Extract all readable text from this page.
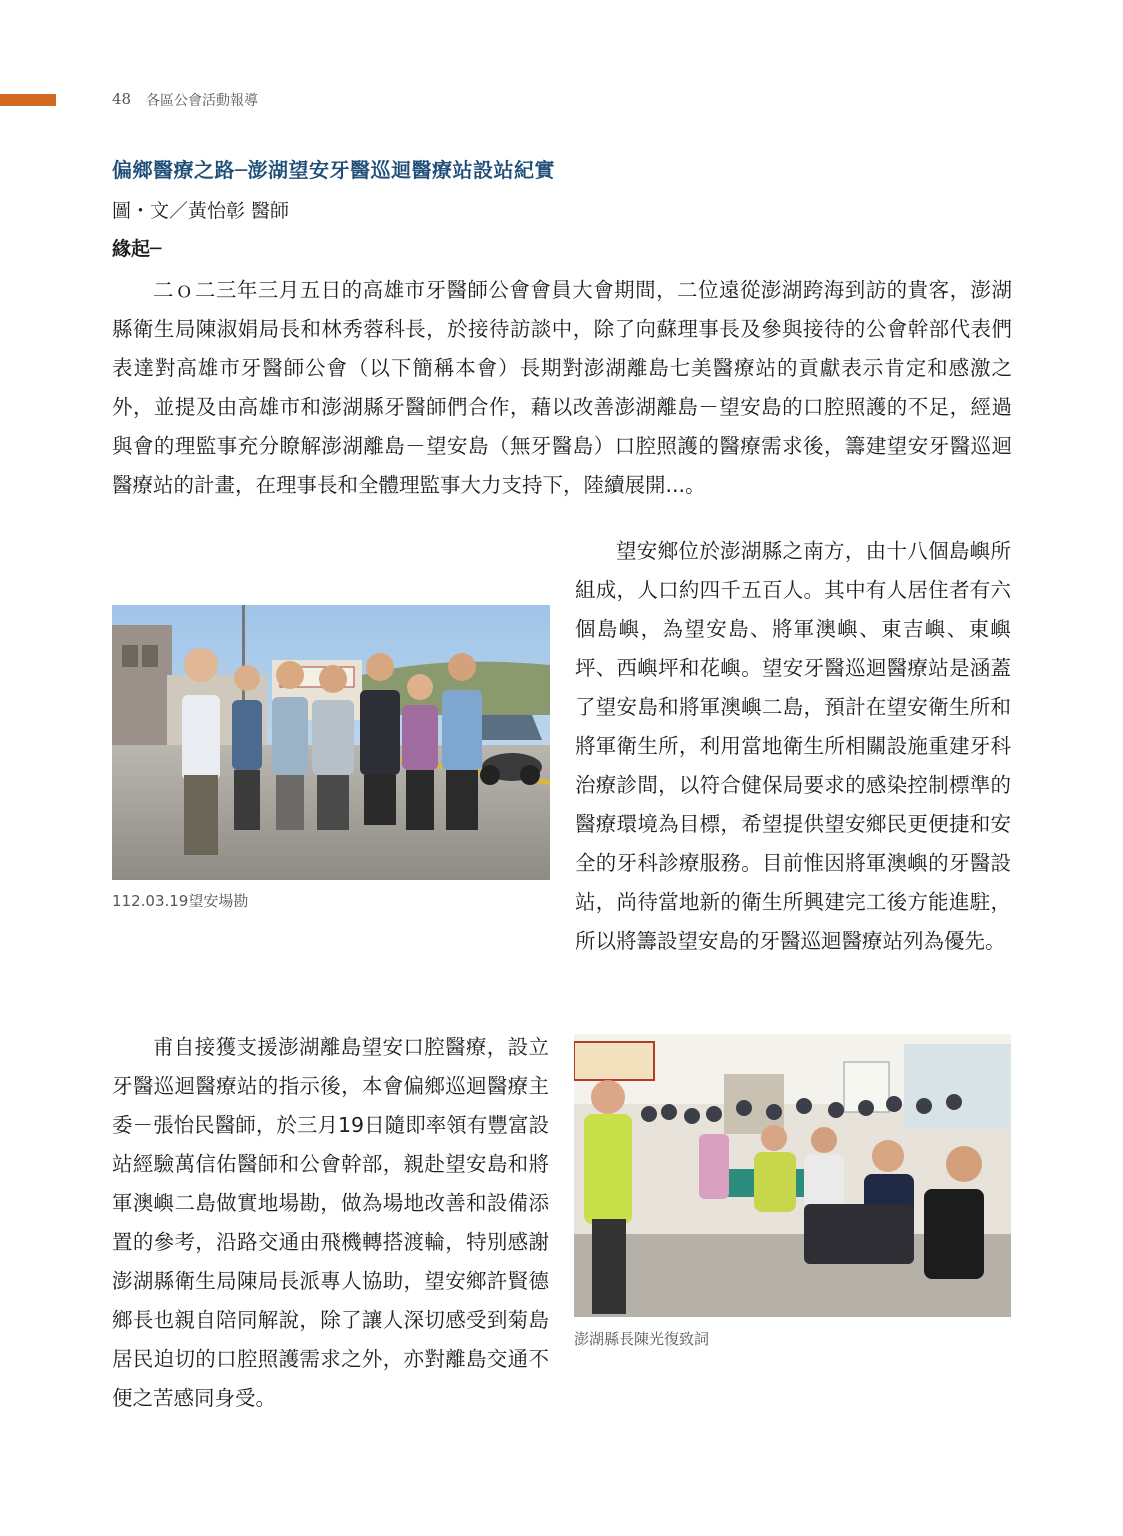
48 各區公會活動報導
偏鄉醫療之路─澎湖望安牙醫巡迴醫療站設站紀實
圖・文／黃怡彰 醫師
緣起─

二ｏ二三年三月五日的高雄市牙醫師公會會員大會期間，二位遠從澎湖跨海到訪的貴客，澎湖縣衛生局陳淑娟局長和林秀蓉科長，於接待訪談中，除了向蘇理事長及參與接待的公會幹部代表們表達對高雄市牙醫師公會（以下簡稱本會）長期對澎湖離島七美醫療站的貢獻表示肯定和感激之外，並提及由高雄市和澎湖縣牙醫師們合作，藉以改善澎湖離島－望安島的口腔照護的不足，經過與會的理監事充分瞭解澎湖離島－望安島（無牙醫島）口腔照護的醫療需求後，籌建望安牙醫巡迴醫療站的計畫，在理事長和全體理監事大力支持下，陸續展開...。

112.03.19望安場勘

望安鄉位於澎湖縣之南方，由十八個島嶼所組成，人口約四千五百人。其中有人居住者有六個島嶼，為望安島、將軍澳嶼、東吉嶼、東嶼坪、西嶼坪和花嶼。望安牙醫巡迴醫療站是涵蓋了望安島和將軍澳嶼二島，預計在望安衛生所和將軍衛生所，利用當地衛生所相關設施重建牙科治療診間，以符合健保局要求的感染控制標準的醫療環境為目標，希望提供望安鄉民更便捷和安全的牙科診療服務。目前惟因將軍澳嶼的牙醫設站，尚待當地新的衛生所興建完工後方能進駐，所以將籌設望安島的牙醫巡迴醫療站列為優先。

甫自接獲支援澎湖離島望安口腔醫療，設立牙醫巡迴醫療站的指示後，本會偏鄉巡迴醫療主委－張怡民醫師，於三月19日隨即率領有豐富設站經驗萬信佑醫師和公會幹部，親赴望安島和將軍澳嶼二島做實地場勘，做為場地改善和設備添置的參考，沿路交通由飛機轉搭渡輪，特別感謝澎湖縣衛生局陳局長派專人協助，望安鄉許賢德鄉長也親自陪同解說，除了讓人深切感受到菊島居民迫切的口腔照護需求之外，亦對離島交通不便之苦感同身受。

澎湖縣長陳光復致詞
